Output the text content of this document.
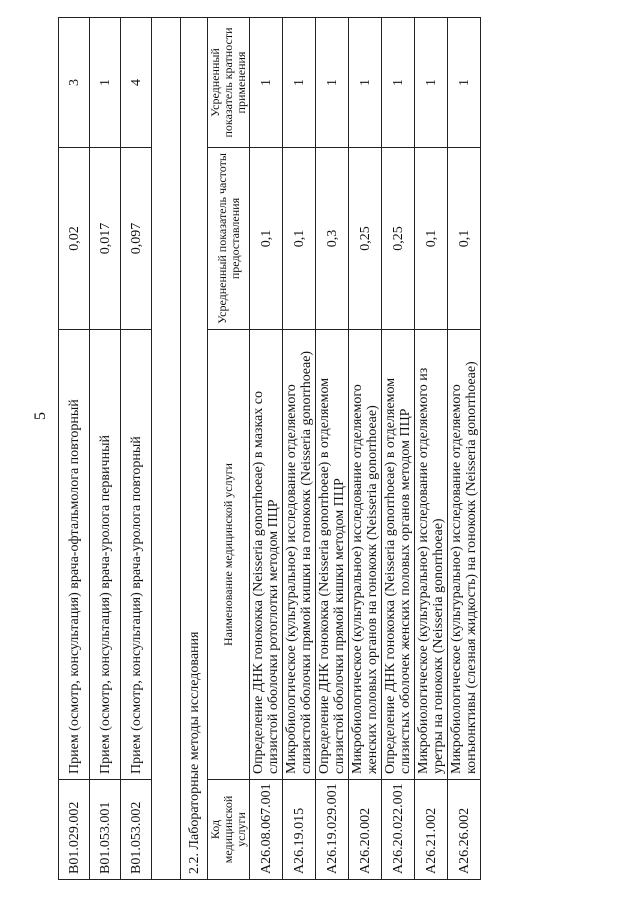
5
B01.029.002	Прием (осмотр, консультация) врача-офтальмолога повторный	0,02	3
B01.053.001	Прием (осмотр, консультация) врача-уролога первичный	0,017	1
B01.053.002	Прием (осмотр, консультация) врача-уролога повторный	0,097	4

2.2. Лабораторные методы исследования			
Код медицинской услуги	Наименование медицинской услуги	Усредненный показатель частоты предоставления	Усредненный показатель кратности применения
A26.08.067.001	Определение ДНК гонококка (Neisseria gonorrhoeae) в мазках со слизистой оболочки ротоглотки методом ПЦР	0,1	1
A26.19.015	Микробиологическое (культуральное) исследование отделяемого слизистой оболочки прямой кишки на гонококк (Neisseria gonorrhoeae)	0,1	1
A26.19.029.001	Определение ДНК гонококка (Neisseria gonorrhoeae) в отделяемом слизистой оболочки прямой кишки методом ПЦР	0,3	1
A26.20.002	Микробиологическое (культуральное) исследование отделяемого женских половых органов на гонококк (Neisseria gonorrhoeae)	0,25	1
A26.20.022.001	Определение ДНК гонококка (Neisseria gonorrhoeae) в отделяемом слизистых оболочек женских половых органов методом ПЦР	0,25	1
A26.21.002	Микробиологическое (культуральное) исследование отделяемого из уретры на гонококк (Neisseria gonorrhoeae)	0,1	1
A26.26.002	Микробиологическое (культуральное) исследование отделяемого конъюнктивы (слезная жидкость) на гонококк (Neisseria gonorrhoeae)	0,1	1
